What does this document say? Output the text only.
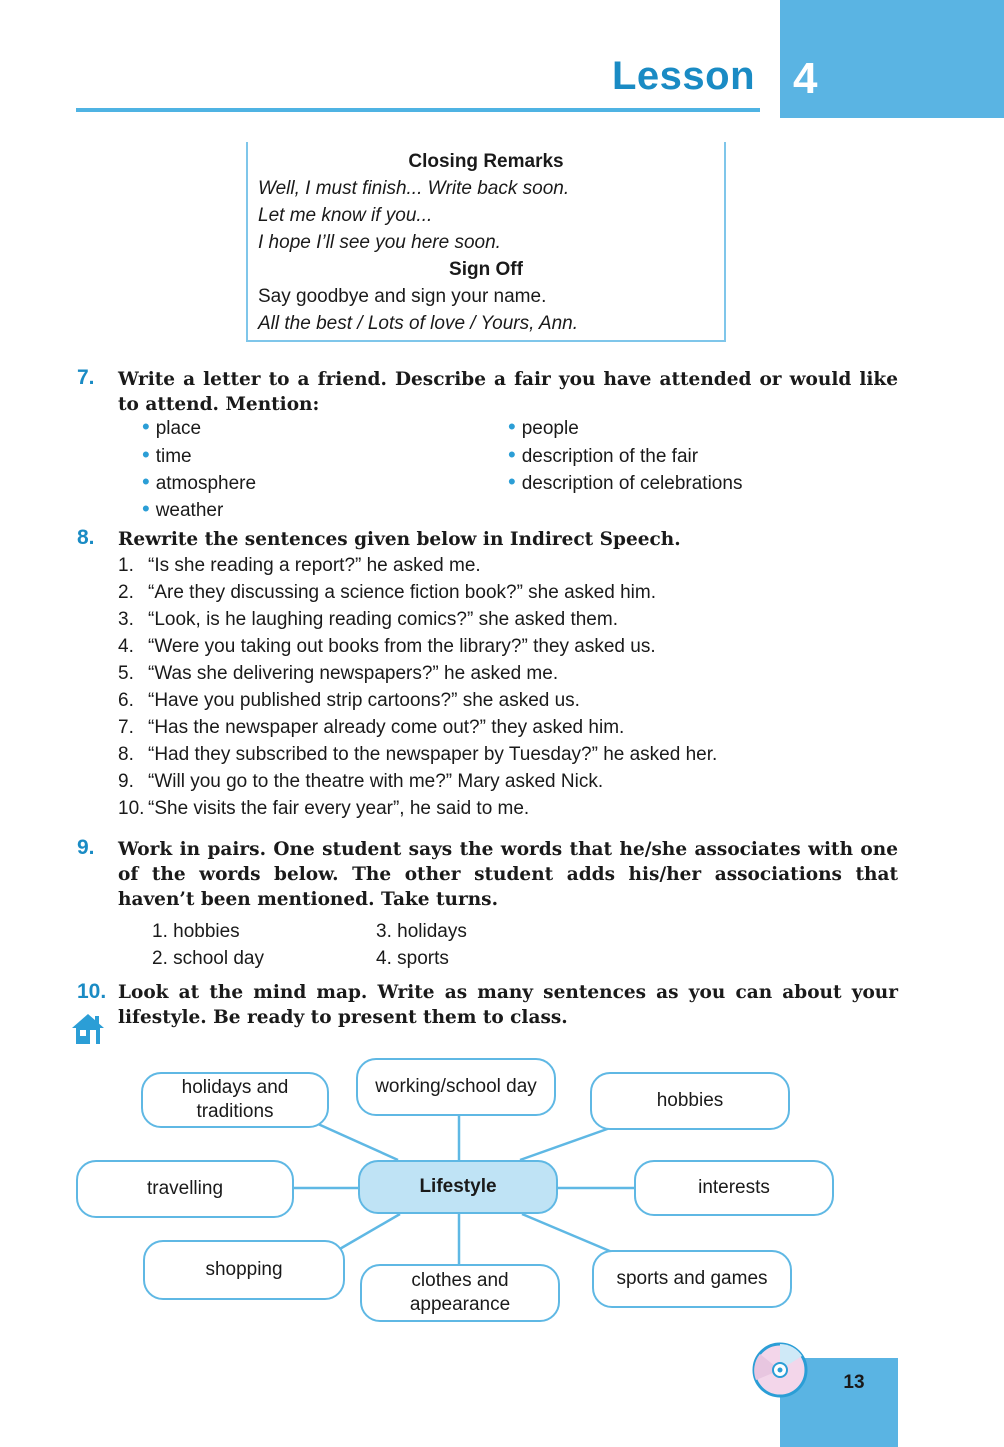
Lesson 4
Closing Remarks
Well, I must finish... Write back soon.
Let me know if you...
I hope I’ll see you here soon.
Sign Off
Say goodbye and sign your name.
All the best / Lots of love / Yours, Ann.
7. Write a letter to a friend. Describe a fair you have attended or would like to attend. Mention:
• place
• time
• atmosphere
• weather
• people
• description of the fair
• description of celebrations
8. Rewrite the sentences given below in Indirect Speech.
1. “Is she reading a report?” he asked me.
2. “Are they discussing a science fiction book?” she asked him.
3. “Look, is he laughing reading comics?” she asked them.
4. “Were you taking out books from the library?” they asked us.
5. “Was she delivering newspapers?” he asked me.
6. “Have you published strip cartoons?” she asked us.
7. “Has the newspaper already come out?” they asked him.
8. “Had they subscribed to the newspaper by Tuesday?” he asked her.
9. “Will you go to the theatre with me?” Mary asked Nick.
10. “She visits the fair every year”, he said to me.
9. Work in pairs. One student says the words that he/she associates with one of the words below. The other student adds his/her associations that haven’t been mentioned. Take turns.
1. hobbies
2. school day
3. holidays
4. sports
10. Look at the mind map. Write as many sentences as you can about your lifestyle. Be ready to present them to class.
holidays and traditions
working/school day
hobbies
travelling	Lifestyle	interests
shopping
clothes and appearance
sports and games
13
